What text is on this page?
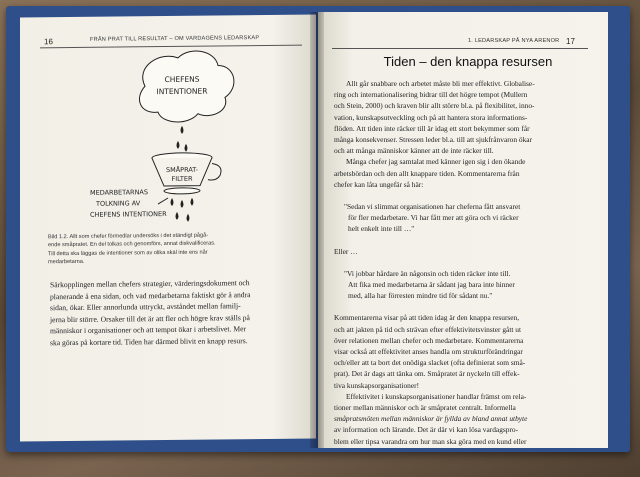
16	FRÅN PRAT TILL RESULTAT – OM VARDAGENS LEDARSKAP
CHEFENS
INTENTIONER
SMÅPRAT-
FILTER
MEDARBETARNAS
TOLKNING AV
CHEFENS INTENTIONER
Bild 1.2. Allt som chefer förmedlar undersöks i det ständigt pågå-
ende småpratet. En del tolkas och genomförs, annat diskvalificeras.
Till detta ska läggas de intentioner som av olika skäl inte ens når
medarbetarna.
Särkopplingen mellan chefers strategier, värderingsdokument och
planerande å ena sidan, och vad medarbetarna faktiskt gör å andra
sidan, ökar. Eller annorlunda uttryckt, avståndet mellan familj-
jerna blir större. Orsaker till det är att fler och högre krav ställs på
människor i organisationer och att tempot ökar i arbetslivet. Mer
ska göras på kortare tid. Tiden har därmed blivit en knapp resurs.
1. LEDARSKAP PÅ NYA ARENOR 17
Tiden – den knappa resursen
Allt går snabbare och arbetet måste bli mer effektivt. Globalise-
ring och internationalisering bidrar till det högre tempot (Mullern
och Stein, 2000) och kraven blir allt större bl.a. på flexibilitet, inno-
vation, kunskapsutveckling och på att hantera stora informations-
flöden. Att tiden inte räcker till är idag ett stort bekymmer som får
många konsekvenser. Stressen leder bl.a. till att sjukfrånvaron ökar
och att många människor känner att de inte räcker till.
Många chefer jag samtalat med känner igen sig i den ökande
arbetsbördan och den allt knappare tiden. Kommentarerna från
chefer kan låta ungefär så här:
"Sedan vi slimmat organisationen har cheferna fått ansvaret
för fler medarbetare. Vi har fått mer att göra och vi räcker
helt enkelt inte till …"
Eller …
"Vi jobbar hårdare än någonsin och tiden räcker inte till.
Att fika med medarbetarna är sådant jag bara inte hinner
med, alla har förresten mindre tid för sådant nu."
Kommentarerna visar på att tiden idag är den knappa resursen,
och att jakten på tid och strävan efter effektivitetsvinster gått ut
över relationen mellan chefer och medarbetare. Kommentarerna
visar också att effektivitet anses handla om strukturförändringar
och/eller att ta bort det onödiga slacket (ofta definierat som små-
prat). Det är dags att tänka om. Småpratet är nyckeln till effek-
tiva kunskapsorganisationer!
Effektivitet i kunskapsorganisationer handlar främst om rela-
tioner mellan människor och är småpratet centralt. Informella
småpratsmöten mellan människor är fyllda av bland annat utbyte
av information och lärande. Det är där vi kan lösa vardagspro-
blem eller tipsa varandra om hur man ska göra med en kund eller
